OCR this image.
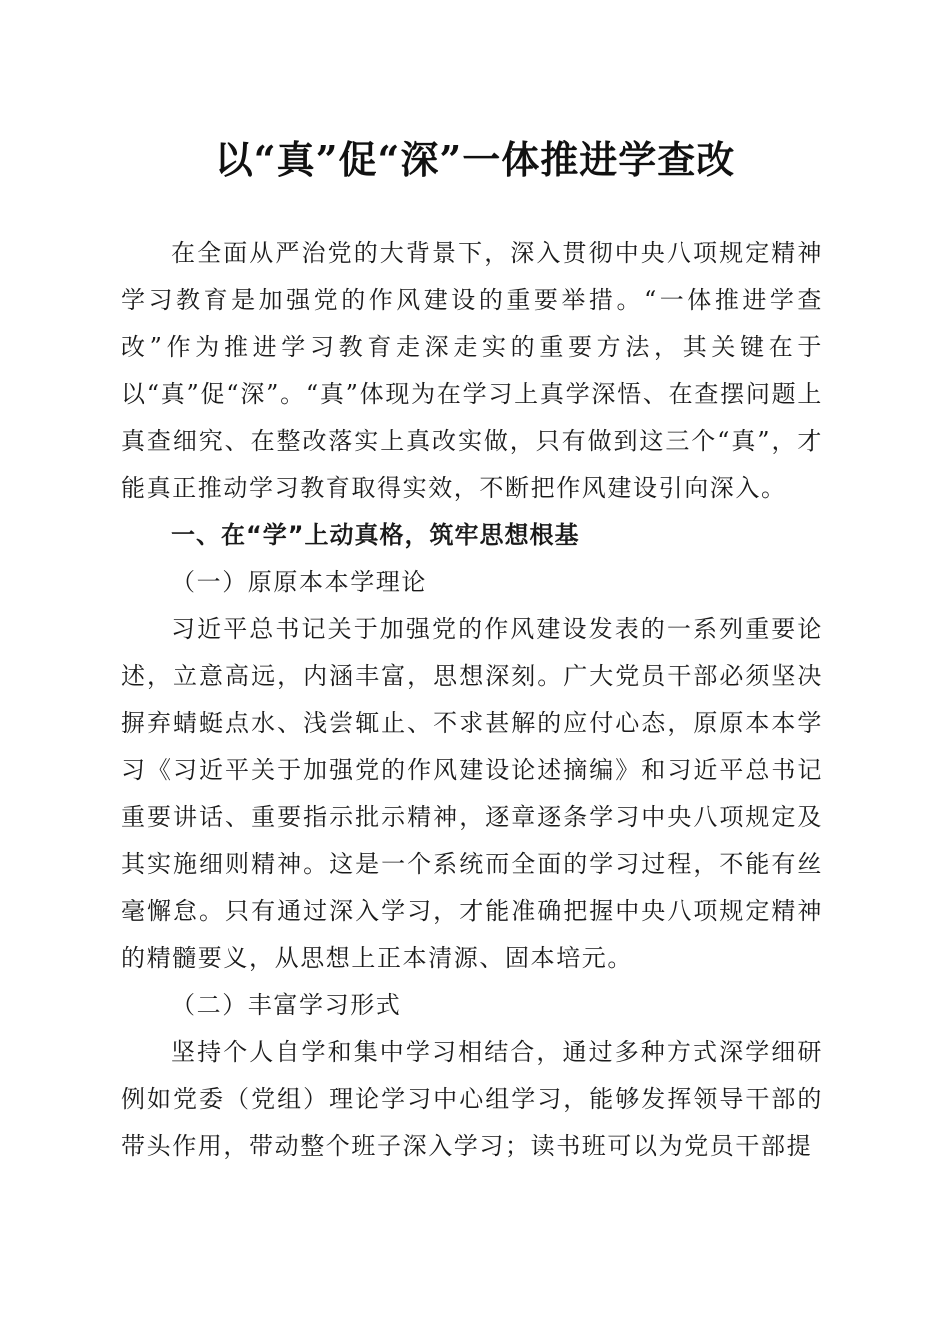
以“真”促“深”一体推进学查改

在全面从严治党的大背景下，深入贯彻中央八项规定精神学习教育是加强党的作风建设的重要举措。“一体推进学查改”作为推进学习教育走深走实的重要方法，其关键在于以“真”促“深”。“真”体现为在学习上真学深悟、在查摆问题上真查细究、在整改落实上真改实做，只有做到这三个“真”，才能真正推动学习教育取得实效，不断把作风建设引向深入。

一、在“学”上动真格，筑牢思想根基

（一）原原本本学理论

习近平总书记关于加强党的作风建设发表的一系列重要论述，立意高远，内涵丰富，思想深刻。广大党员干部必须坚决摒弃蜻蜓点水、浅尝辄止、不求甚解的应付心态，原原本本学习《习近平关于加强党的作风建设论述摘编》和习近平总书记重要讲话、重要指示批示精神，逐章逐条学习中央八项规定及其实施细则精神。这是一个系统而全面的学习过程，不能有丝毫懈怠。只有通过深入学习，才能准确把握中央八项规定精神的精髓要义，从思想上正本清源、固本培元。

（二）丰富学习形式

坚持个人自学和集中学习相结合，通过多种方式深学细研例如党委（党组）理论学习中心组学习，能够发挥领导干部的带头作用，带动整个班子深入学习；读书班可以为党员干部提
